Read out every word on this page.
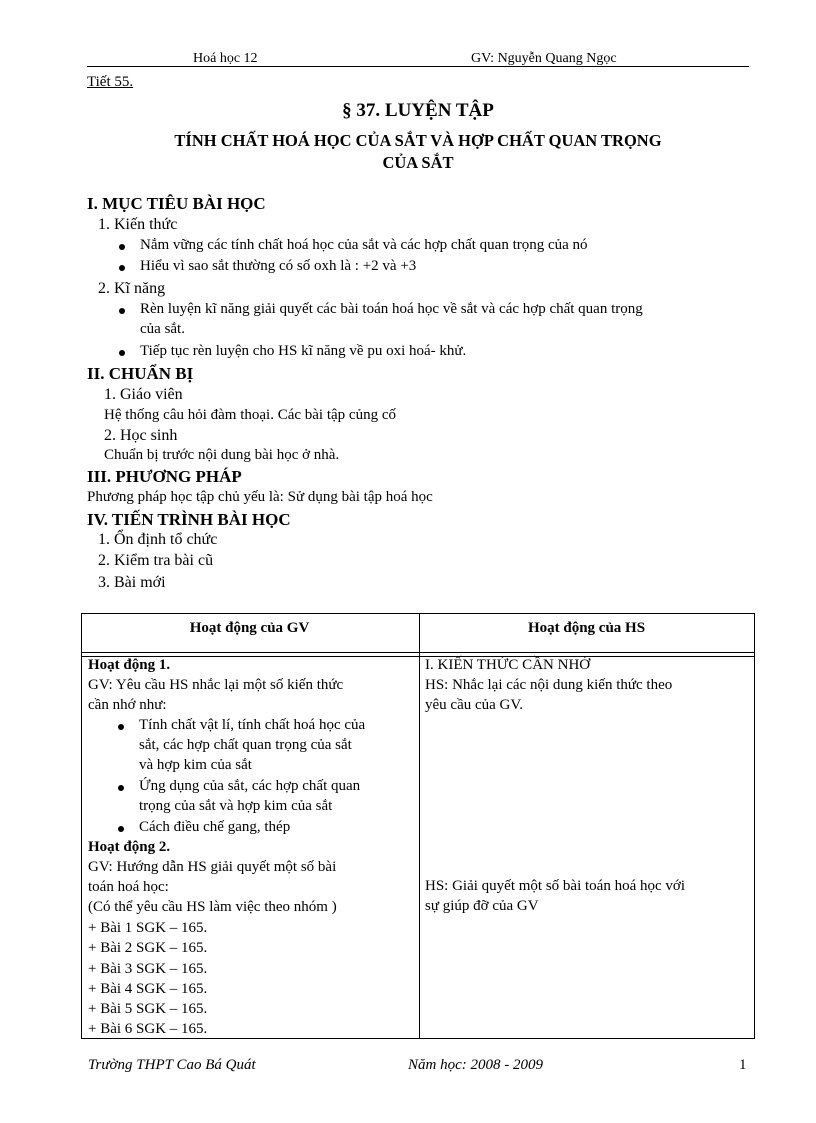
Hoá học 12	GV: Nguyễn Quang Ngọc
Tiết 55.
§ 37. LUYỆN TẬP
TÍNH CHẤT HOÁ HỌC CỦA SẮT VÀ HỢP CHẤT QUAN TRỌNG
CỦA SẮT
I. MỤC TIÊU BÀI HỌC
1. Kiến thức
Nắm vững các tính chất hoá học của sắt và các hợp chất quan trọng của nó
Hiểu vì sao sắt thường có số oxh là : +2 và +3
2. Kĩ năng
Rèn luyện kĩ năng giải quyết các bài toán hoá học về sắt và các hợp chất quan trọng
của sắt.
Tiếp tục rèn luyện cho HS kĩ năng về pu oxi hoá- khử.
II. CHUẨN BỊ
1. Giáo viên
Hệ thống câu hỏi đàm thoại. Các bài tập củng cố
2. Học sinh
Chuẩn bị trước nội dung bài học ở nhà.
III. PHƯƠNG PHÁP
Phương pháp học tập chủ yếu là: Sử dụng bài tập hoá học
IV. TIẾN TRÌNH BÀI HỌC
1. Ổn định tổ chức
2. Kiểm tra bài cũ
3. Bài mới
Hoạt động của GV	Hoạt động của HS
Hoạt động 1.
GV: Yêu cầu HS nhắc lại một số kiến thức
cần nhớ như:
Tính chất vật lí, tính chất hoá học của
sắt, các hợp chất quan trọng của sắt
và hợp kim của sắt
Ứng dụng của sắt, các hợp chất quan
trọng của sắt và hợp kim của sắt
Cách điều chế gang, thép
Hoạt động 2.
GV: Hướng dẫn HS giải quyết một số bài
toán hoá học:
(Có thể yêu cầu HS làm việc theo nhóm )
+ Bài 1 SGK – 165.
+ Bài 2 SGK – 165.
+ Bài 3 SGK – 165.
+ Bài 4 SGK – 165.
+ Bài 5 SGK – 165.
+ Bài 6 SGK – 165.
I. KIẾN THỨC CẦN NHỚ
HS: Nhắc lại các nội dung kiến thức theo
yêu cầu của GV.
HS: Giải quyết một số bài toán hoá học với
sự giúp đỡ của GV
Trường THPT Cao Bá Quát	Năm học: 2008 - 2009	1
